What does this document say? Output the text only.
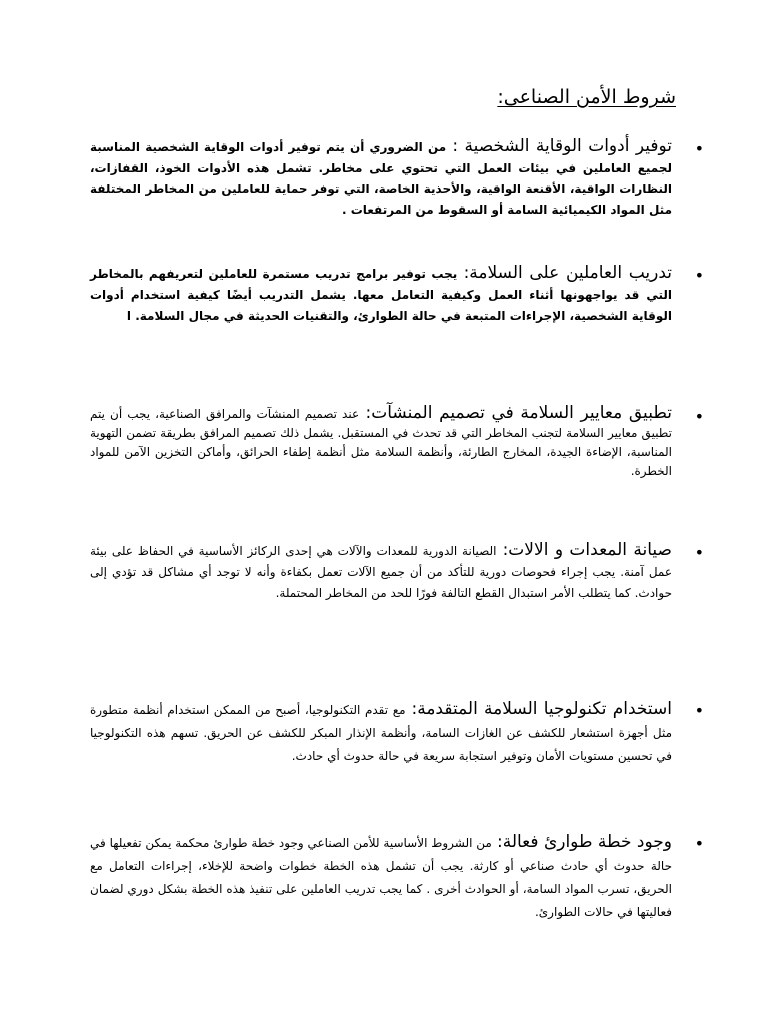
شروط الأمن الصناعى:
•

توفير أدوات الوقاية الشخصية : من الضروري أن يتم توفير أدوات الوقاية الشخصية المناسبة لجميع العاملين في بيئات العمل التي تحتوي على مخاطر. تشمل هذه الأدوات الخوذ، القفازات، النظارات الواقية، الأقنعة الواقية، والأحذية الخاصة، التي توفر حماية للعاملين من المخاطر المختلفة مثل المواد الكيميائية السامة أو السقوط من المرتفعات .

•

تدريب العاملين على السلامة: يجب توفير برامج تدريب مستمرة للعاملين لتعريفهم بالمخاطر التي قد يواجهونها أثناء العمل وكيفية التعامل معها. يشمل التدريب أيضًا كيفية استخدام أدوات الوقاية الشخصية، الإجراءات المتبعة في حالة الطوارئ، والتقنيات الحديثة في مجال السلامة. ا

•

تطبيق معايير السلامة في تصميم المنشآت: عند تصميم المنشآت والمرافق الصناعية، يجب أن يتم تطبيق معايير السلامة لتجنب المخاطر التي قد تحدث في المستقبل. يشمل ذلك تصميم المرافق بطريقة تضمن التهوية المناسبة، الإضاءة الجيدة، المخارج الطارئة، وأنظمة السلامة مثل أنظمة إطفاء الحرائق، وأماكن التخزين الآمن للمواد الخطرة.

•

صيانة المعدات و الالات: الصيانة الدورية للمعدات والآلات هي إحدى الركائز الأساسية في الحفاظ على بيئة عمل آمنة. يجب إجراء فحوصات دورية للتأكد من أن جميع الآلات تعمل بكفاءة وأنه لا توجد أي مشاكل قد تؤدي إلى حوادث. كما يتطلب الأمر استبدال القطع التالفة فورًا للحد من المخاطر المحتملة.

•

استخدام تكنولوجيا السلامة المتقدمة: مع تقدم التكنولوجيا، أصبح من الممكن استخدام أنظمة متطورة مثل أجهزة استشعار للكشف عن الغازات السامة، وأنظمة الإنذار المبكر للكشف عن الحريق. تسهم هذه التكنولوجيا في تحسين مستويات الأمان وتوفير استجابة سريعة في حالة حدوث أي حادث.

•

وجود خطة طوارئ فعالة: من الشروط الأساسية للأمن الصناعي وجود خطة طوارئ محكمة يمكن تفعيلها في حالة حدوث أي حادث صناعي أو كارثة. يجب أن تشمل هذه الخطة خطوات واضحة للإخلاء، إجراءات التعامل مع الحريق، تسرب المواد السامة، أو الحوادث أخرى . كما يجب تدريب العاملين على تنفيذ هذه الخطة بشكل دوري لضمان فعاليتها في حالات الطوارئ.
